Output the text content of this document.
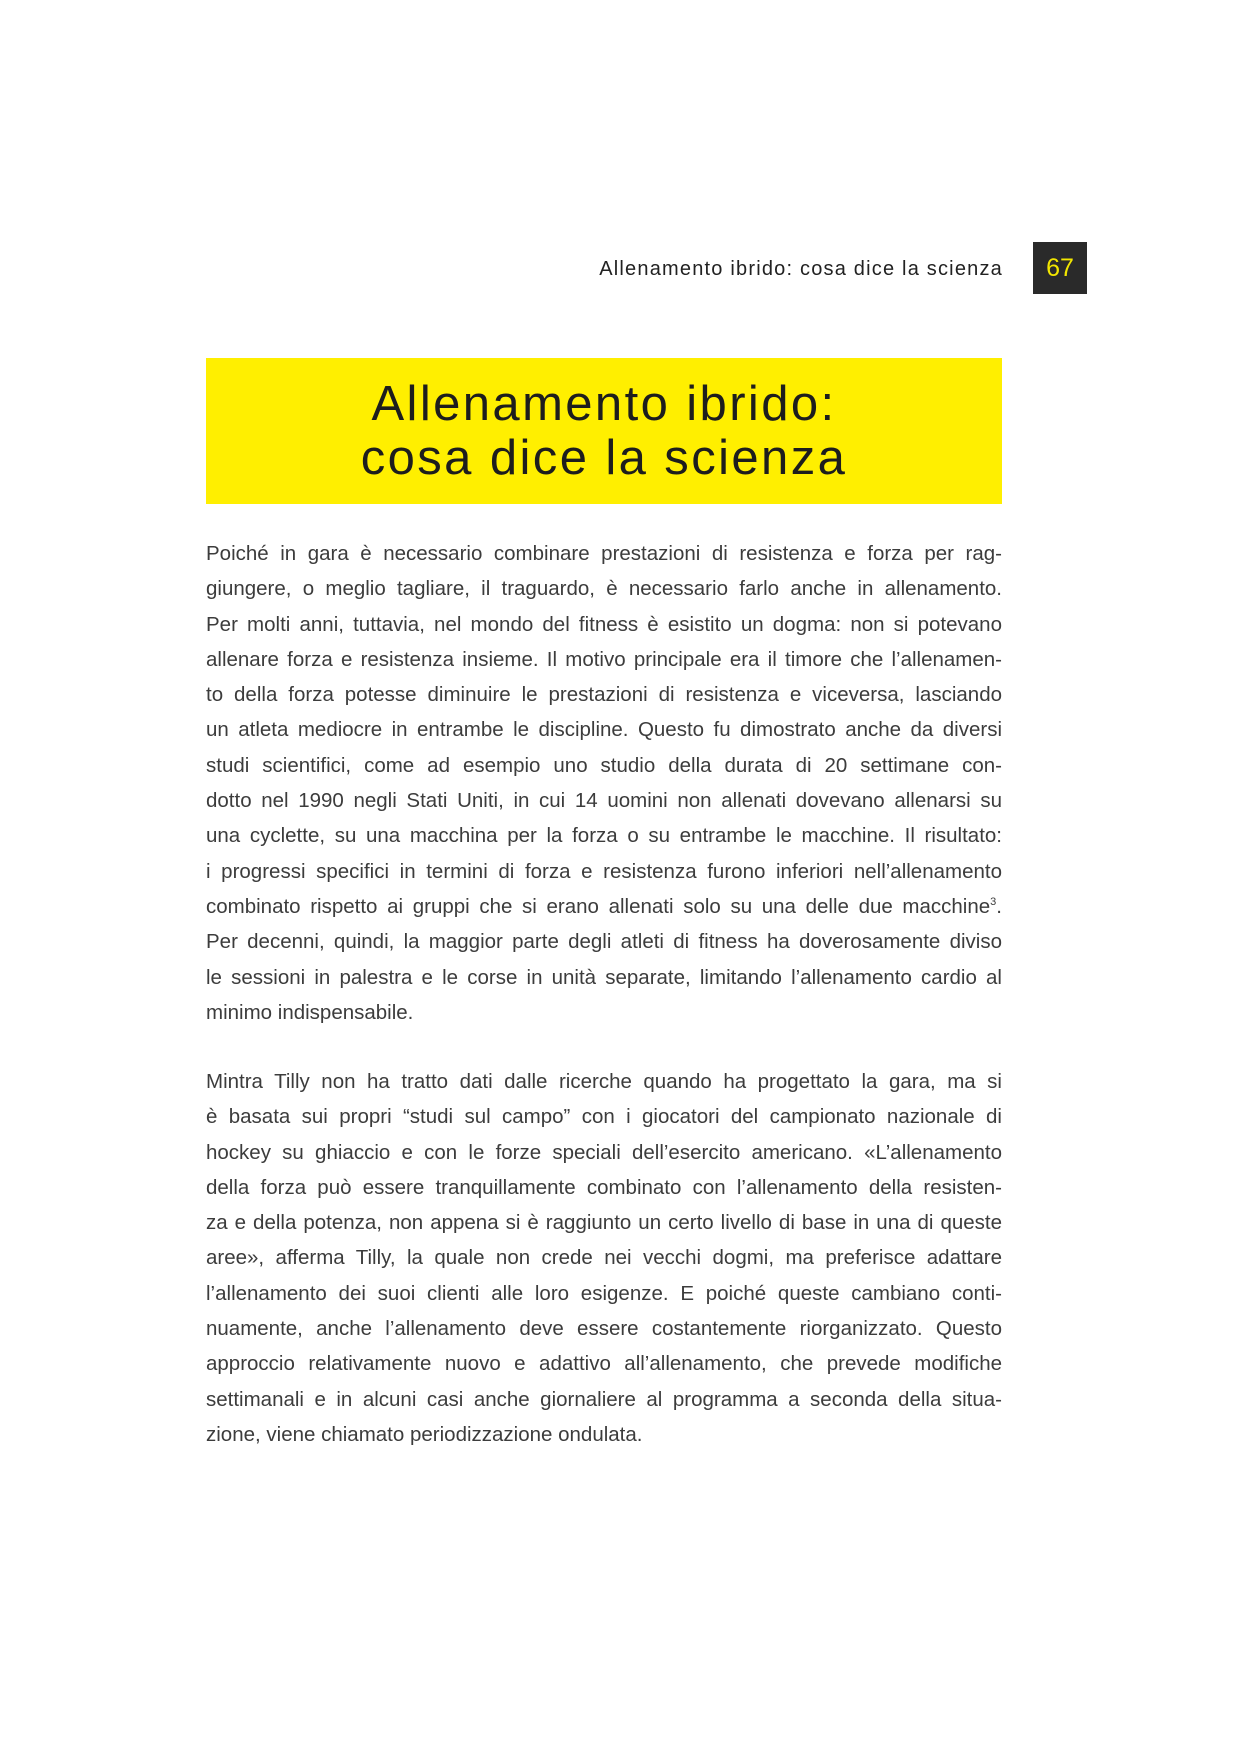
Allenamento ibrido: cosa dice la scienza	67
Allenamento ibrido:
cosa dice la scienza
Poiché in gara è necessario combinare prestazioni di resistenza e forza per rag-
giungere, o meglio tagliare, il traguardo, è necessario farlo anche in allenamento.
Per molti anni, tuttavia, nel mondo del fitness è esistito un dogma: non si potevano
allenare forza e resistenza insieme. Il motivo principale era il timore che l’allenamen-
to della forza potesse diminuire le prestazioni di resistenza e viceversa, lasciando
un atleta mediocre in entrambe le discipline. Questo fu dimostrato anche da diversi
studi scientifici, come ad esempio uno studio della durata di 20 settimane con-
dotto nel 1990 negli Stati Uniti, in cui 14 uomini non allenati dovevano allenarsi su
una cyclette, su una macchina per la forza o su entrambe le macchine. Il risultato:
i progressi specifici in termini di forza e resistenza furono inferiori nell’allenamento
combinato rispetto ai gruppi che si erano allenati solo su una delle due macchine$^3$.
Per decenni, quindi, la maggior parte degli atleti di fitness ha doverosamente diviso
le sessioni in palestra e le corse in unità separate, limitando l’allenamento cardio al
minimo indispensabile.
Mintra Tilly non ha tratto dati dalle ricerche quando ha progettato la gara, ma si
è basata sui propri “studi sul campo” con i giocatori del campionato nazionale di
hockey su ghiaccio e con le forze speciali dell’esercito americano. «L’allenamento
della forza può essere tranquillamente combinato con l’allenamento della resisten-
za e della potenza, non appena si è raggiunto un certo livello di base in una di queste
aree», afferma Tilly, la quale non crede nei vecchi dogmi, ma preferisce adattare
l’allenamento dei suoi clienti alle loro esigenze. E poiché queste cambiano conti-
nuamente, anche l’allenamento deve essere costantemente riorganizzato. Questo
approccio relativamente nuovo e adattivo all’allenamento, che prevede modifiche
settimanali e in alcuni casi anche giornaliere al programma a seconda della situa-
zione, viene chiamato periodizzazione ondulata.
